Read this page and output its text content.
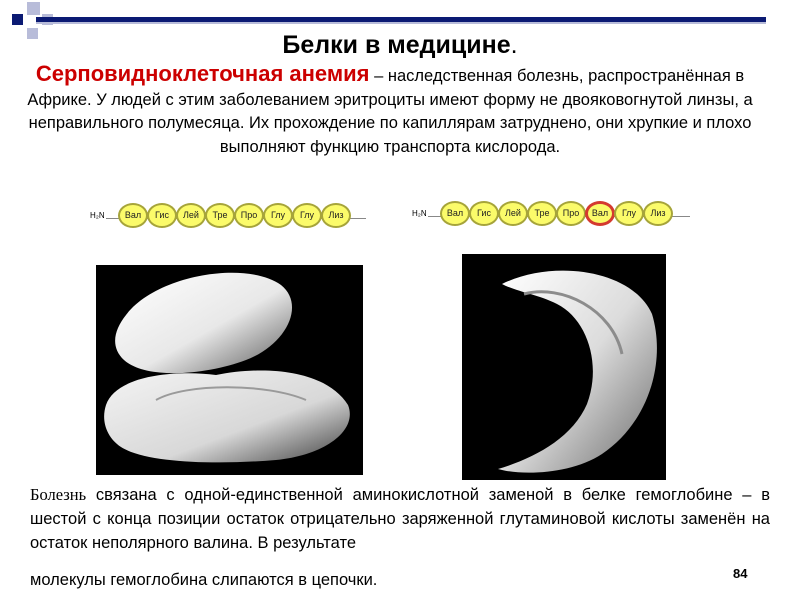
Белки в медицине.
Серповидноклеточная анемия – наследственная болезнь, распространённая в Африке. У людей с этим заболеванием эритроциты имеют форму не двояковогнутой линзы, а неправильного полумесяца. Их прохождение по капиллярам затруднено, они хрупкие и плохо выполняют функцию транспорта кислорода.
H₂N	Вал	Гис	Лей	Тре	Про	Глу	Глу	Лиз	H₂N	Вал	Гис	Лей	Тре	Про	Вал	Глу	Лиз
Болезнь связана с одной-единственной аминокислотной заменой в белке гемоглобине – в шестой с конца позиции остаток отрицательно заряженной глутаминовой кислоты заменён на остаток неполярного валина. В результате
молекулы гемоглобина слипаются в цепочки.	84
